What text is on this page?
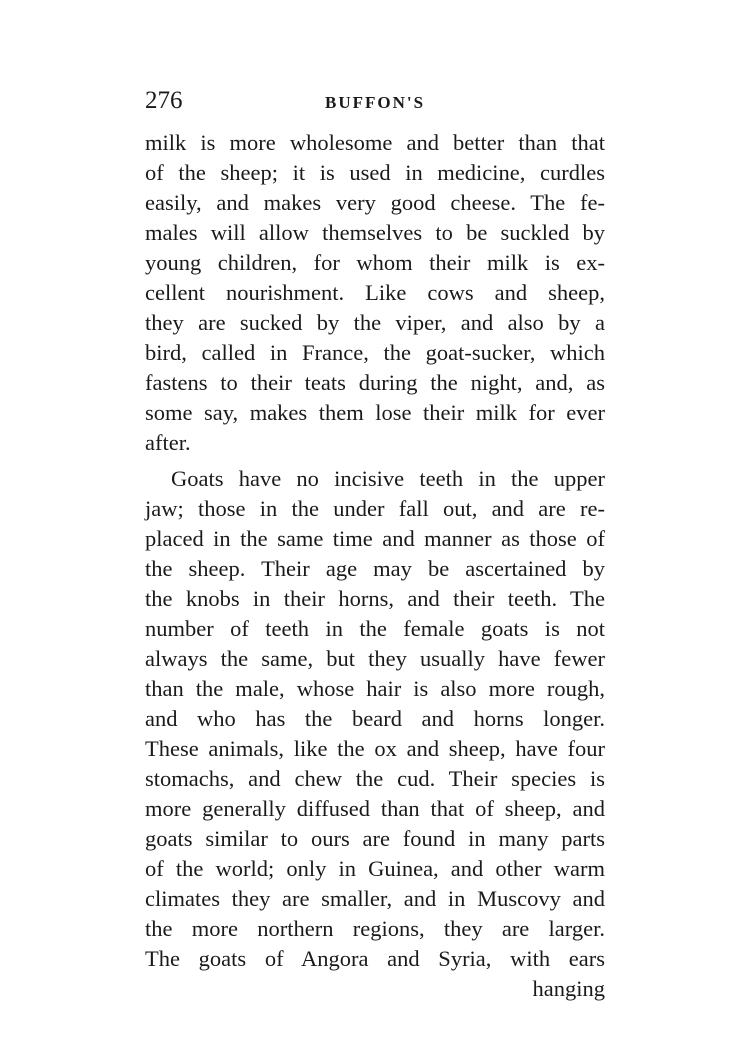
276	BUFFON'S
milk is more wholesome and better than that
of the sheep; it is used in medicine, curdles
easily, and makes very good cheese. The fe-
males will allow themselves to be suckled by
young children, for whom their milk is ex-
cellent nourishment. Like cows and sheep,
they are sucked by the viper, and also by a
bird, called in France, the goat-sucker, which
fastens to their teats during the night, and, as
some say, makes them lose their milk for ever
after.
Goats have no incisive teeth in the upper
jaw; those in the under fall out, and are re-
placed in the same time and manner as those of
the sheep. Their age may be ascertained by
the knobs in their horns, and their teeth. The
number of teeth in the female goats is not
always the same, but they usually have fewer
than the male, whose hair is also more rough,
and who has the beard and horns longer.
These animals, like the ox and sheep, have four
stomachs, and chew the cud. Their species is
more generally diffused than that of sheep, and
goats similar to ours are found in many parts
of the world; only in Guinea, and other warm
climates they are smaller, and in Muscovy and
the more northern regions, they are larger.
The goats of Angora and Syria, with ears
hanging
